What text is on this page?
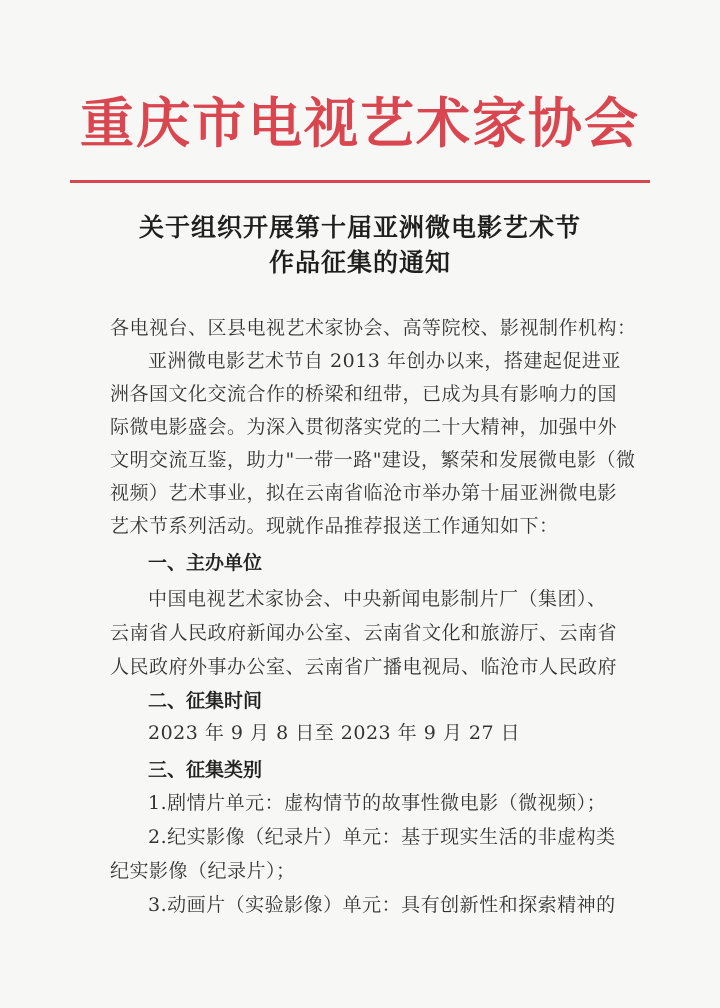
重庆市电视艺术家协会
关于组织开展第十届亚洲微电影艺术节
作品征集的通知
各电视台、区县电视艺术家协会、高等院校、影视制作机构：
亚洲微电影艺术节自 2013 年创办以来，搭建起促进亚
洲各国文化交流合作的桥梁和纽带，已成为具有影响力的国
际微电影盛会。为深入贯彻落实党的二十大精神，加强中外
文明交流互鉴，助力"一带一路"建设，繁荣和发展微电影（微
视频）艺术事业，拟在云南省临沧市举办第十届亚洲微电影
艺术节系列活动。现就作品推荐报送工作通知如下：
一、主办单位
中国电视艺术家协会、中央新闻电影制片厂（集团）、
云南省人民政府新闻办公室、云南省文化和旅游厅、云南省
人民政府外事办公室、云南省广播电视局、临沧市人民政府
二、征集时间
2023 年 9 月 8 日至 2023 年 9 月 27 日
三、征集类别
1.剧情片单元：虚构情节的故事性微电影（微视频）；
2.纪实影像（纪录片）单元：基于现实生活的非虚构类
纪实影像（纪录片）；
3.动画片（实验影像）单元：具有创新性和探索精神的
